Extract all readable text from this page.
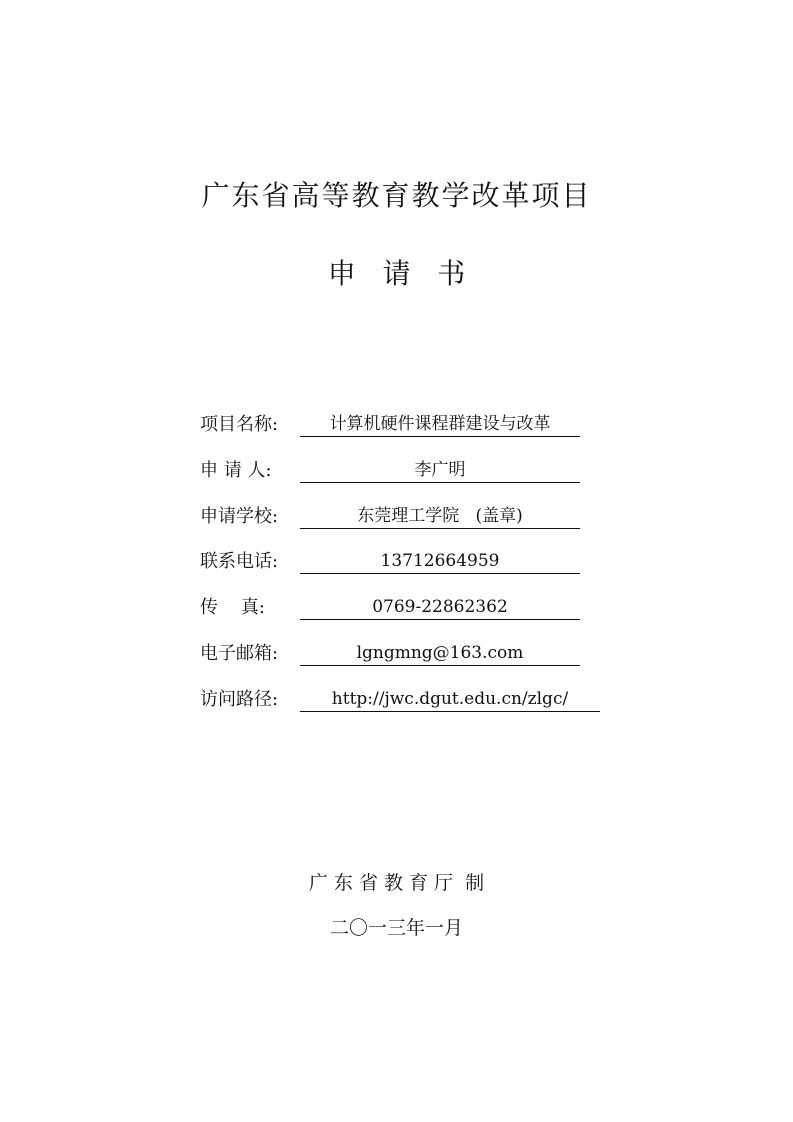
广东省高等教育教学改革项目
申   请   书
项目名称:	计算机硬件课程群建设与改革
申 请 人:	李广明
申请学校:	东莞理工学院   (盖章)
联系电话:	13712664959
传    真:	0769-22862362
电子邮箱:	lgngmng@163.com
访问路径:	http://jwc.dgut.edu.cn/zlgc/
广 东 省 教 育 厅  制
二〇一三年一月
